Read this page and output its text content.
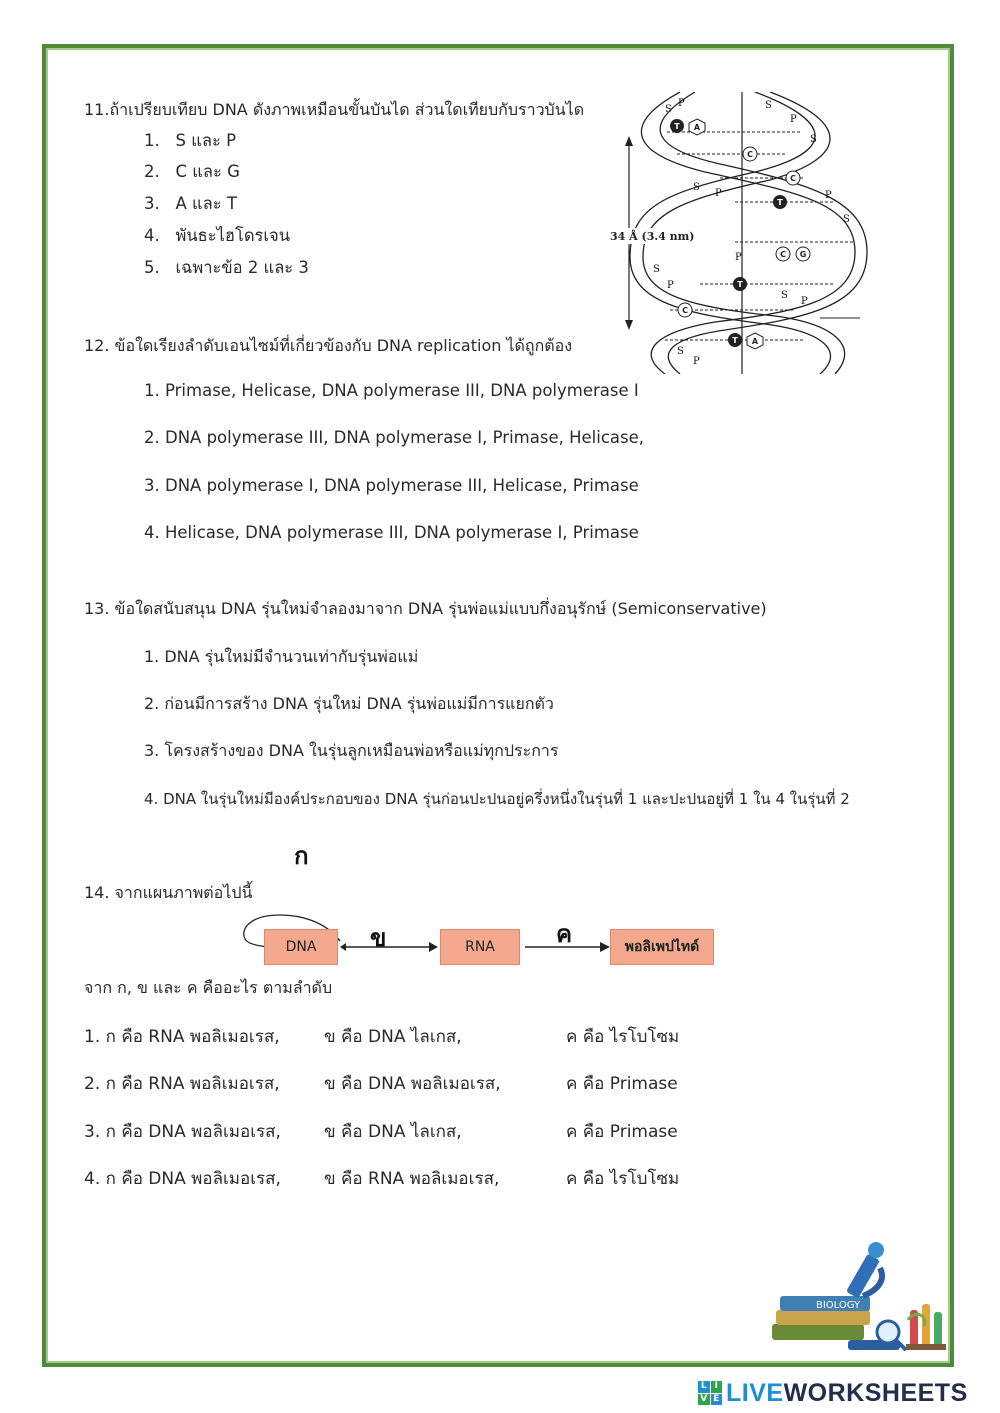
11.ถ้าเปรียบเทียบ DNA ดังภาพเหมือนขั้นบันได ส่วนใดเทียบกับราวบันได
1. S และ P
2. C และ G
3. A และ T
4. พันธะไฮโดรเจน
5. เฉพาะข้อ 2 และ 3
S
P	S
P
S
S
P	P
S
P
S
P
S
P
S
P
T A
C
C
T
C G
T
C
T A
34 Å (3.4 nm)
12. ข้อใดเรียงลำดับเอนไซม์ที่เกี่ยวข้องกับ DNA replication ได้ถูกต้อง
1. Primase, Helicase, DNA polymerase III, DNA polymerase I
2. DNA polymerase III, DNA polymerase I, Primase, Helicase,
3. DNA polymerase I, DNA polymerase III, Helicase, Primase
4. Helicase, DNA polymerase III, DNA polymerase I, Primase
13. ข้อใดสนับสนุน DNA รุ่นใหม่จำลองมาจาก DNA รุ่นพ่อแม่แบบกึ่งอนุรักษ์ (Semiconservative)
1. DNA รุ่นใหม่มีจำนวนเท่ากับรุ่นพ่อแม่
2. ก่อนมีการสร้าง DNA รุ่นใหม่ DNA รุ่นพ่อแม่มีการแยกตัว
3. โครงสร้างของ DNA ในรุ่นลูกเหมือนพ่อหรือแม่ทุกประการ
4. DNA ในรุ่นใหม่มีองค์ประกอบของ DNA รุ่นก่อนปะปนอยู่ครึ่งหนึ่งในรุ่นที่ 1 และปะปนอยู่ที่ 1 ใน 4 ในรุ่นที่ 2
ก
14. จากแผนภาพต่อไปนี้
DNA	RNA	พอลิเพปไทด์
ข	ค
จาก ก, ข และ ค คืออะไร ตามลำดับ
1. ก คือ RNA พอลิเมอเรส,	ข คือ DNA ไลเกส,	ค คือ ไรโบโซม
2. ก คือ RNA พอลิเมอเรส,	ข คือ DNA พอลิเมอเรส,	ค คือ Primase
3. ก คือ DNA พอลิเมอเรส,	ข คือ DNA ไลเกส,	ค คือ Primase
4. ก คือ DNA พอลิเมอเรส,	ข คือ RNA พอลิเมอเรส,	ค คือ ไรโบโซม
BIOLOGY
L I
V E LIVEWORKSHEETS
